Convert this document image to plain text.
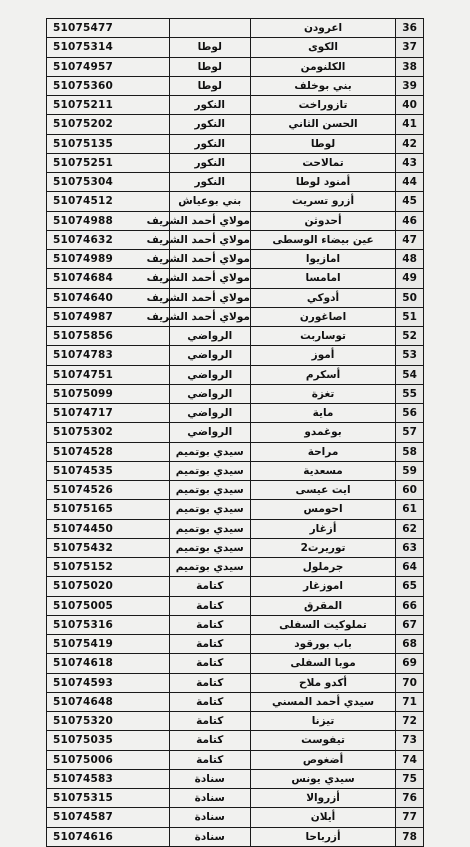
51075477		اعرودن	36
51075314	لوطا	الكوى	37
51074957	لوطا	الكلنومن	38
51075360	لوطا	بني بوخلف	39
51075211	النكور	تازوراخت	40
51075202	النكور	الحسن الثاني	41
51075135	النكور	لوطا	42
51075251	النكور	تمالاحت	43
51075304	النكور	أمنود لوطا	44
51074512	بني بوعياش	أزرو تسريت	45
51074988	مولاي أحمد الشريف	أحدوثن	46
51074632	مولاي أحمد الشريف	عين بيضاء الوسطى	47
51074989	مولاي أحمد الشريف	امازيوا	48
51074684	مولاي أحمد الشريف	امامسا	49
51074640	مولاي أحمد الشريف	أدوكي	50
51074987	مولاي أحمد الشريف	اصاغورن	51
51075856	الرواضي	توساربت	52
51074783	الرواضي	أموز	53
51074751	الرواضي	أسكرم	54
51075099	الرواضي	تغزة	55
51074717	الرواضي	ماية	56
51075302	الرواضي	بوغمدو	57
51074528	سيدي بوتميم	مراحة	58
51074535	سيدي بوتميم	مسعدية	59
51074526	سيدي بوتميم	ايت عيسى	60
51075165	سيدي بوتميم	احومس	61
51074450	سيدي بوتميم	أزغار	62
51075432	سيدي بوتميم	توريرت2	63
51075152	سيدي بوتميم	جرملول	64
51075020	كتامة	اموزغار	65
51075005	كتامة	المقرق	66
51075316	كتامة	تملوكيت السفلى	67
51075419	كتامة	باب بورقود	68
51074618	كتامة	موبا السفلى	69
51074593	كتامة	أكدو ملاح	70
51074648	كتامة	سيدي أحمد المسني	71
51075320	كتامة	تيزنا	72
51075035	كتامة	تيفوست	73
51075006	كتامة	أضغوص	74
51074583	سنادة	سيدي يونس	75
51075315	سنادة	أزروالا	76
51074587	سنادة	أيلان	77
51074616	سنادة	أزرباحا	78
